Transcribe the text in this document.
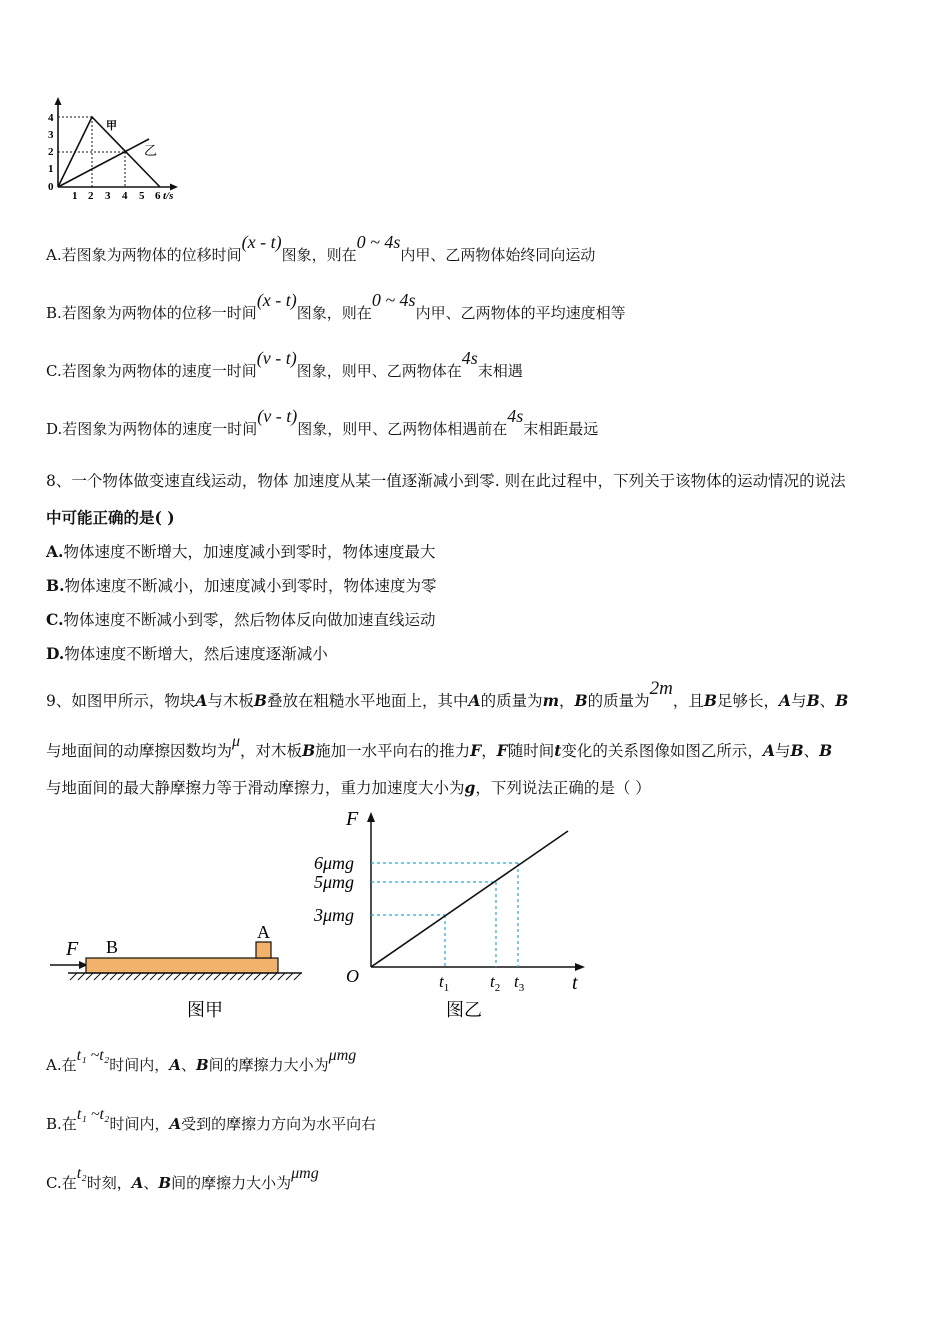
甲
乙
4
3
2
1
0
1 2 3 4 5 6 t/s
A.若图象为两物体的位移时间(x - t)图象，则在0 ~ 4s内甲、乙两物体始终同向运动
B.若图象为两物体的位移一时间(x - t)图象，则在0 ~ 4s内甲、乙两物体的平均速度相等
C.若图象为两物体的速度一时间(v - t)图象，则甲、乙两物体在4s末相遇
D.若图象为两物体的速度一时间(v - t)图象，则甲、乙两物体相遇前在4s末相距最远
8、一个物体做变速直线运动，物体 加速度从某一值逐渐减小到零. 则在此过程中，下列关于该物体的运动情况的说法
中可能正确的是( )
A.物体速度不断增大，加速度减小到零时，物体速度最大
B.物体速度不断减小，加速度减小到零时，物体速度为零
C.物体速度不断减小到零，然后物体反向做加速直线运动
D.物体速度不断增大，然后速度逐渐减小
9、如图甲所示，物块A与木板B叠放在粗糙水平地面上，其中A的质量为m，B的质量为2m，且B足够长，A与B、B
与地面间的动摩擦因数均为μ，对木板B施加一水平向右的推力F，F随时间t变化的关系图像如图乙所示，A与B、B
与地面间的最大静摩擦力等于滑动摩擦力，重力加速度大小为g，下列说法正确的是（ ）
F B
A
图甲
F
6μmg
5μmg
3μmg
O	t
$t_1$ $t_2$ $t_3$
图乙
A.在t₁ ~t₂时间内，A、B间的摩擦力大小为μmg
B.在t₁ ~t₂时间内，A受到的摩擦力方向为水平向右
C.在t₂时刻，A、B间的摩擦力大小为μmg
